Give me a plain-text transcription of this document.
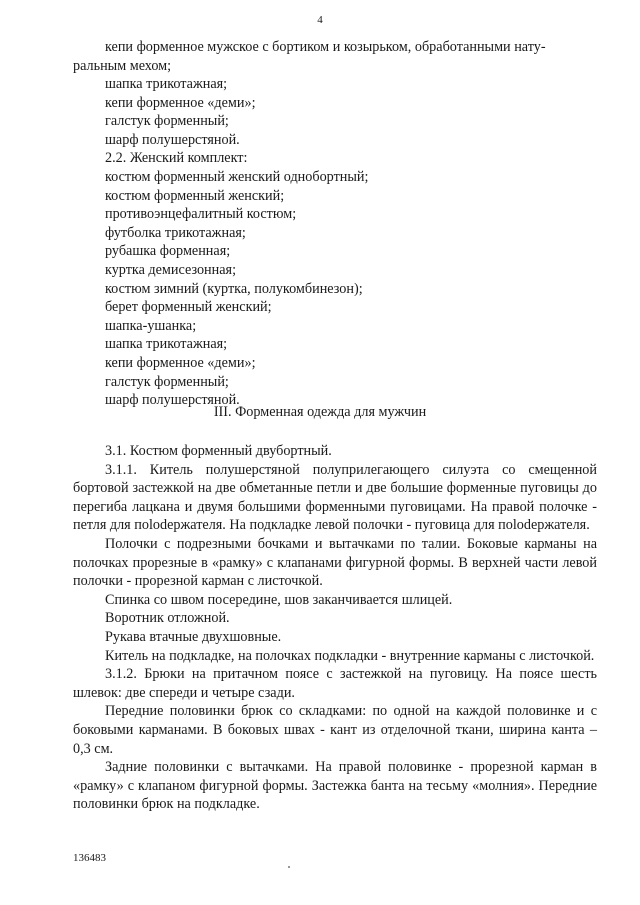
4

кепи форменное мужское с бортиком и козырьком, обработанными нату-

ральным мехом;

шапка трикотажная;

кепи форменное «деми»;

галстук форменный;

шарф полушерстяной.

2.2. Женский комплект:

костюм форменный женский однобортный;

костюм форменный женский;

противоэнцефалитный костюм;

футболка трикотажная;

рубашка форменная;

куртка демисезонная;

костюм зимний (куртка, полукомбинезон);

берет форменный женский;

шапка-ушанка;

шапка трикотажная;

кепи форменное «деми»;

галстук форменный;

шарф полушерстяной.

III. Форменная одежда для мужчин

3.1. Костюм форменный двубортный.

3.1.1. Китель полушерстяной полуприлегающего силуэта со смещенной бортовой застежкой на две обметанные петли и две большие форменные пуговицы до перегиба лацкана и двумя большими форменными пуговицами. На правой полочке - петля для пolodержателя. На подкладке левой полочки - пуговица для пolodержателя.

Полочки с подрезными бочками и вытачками по талии. Боковые карманы на полочках прорезные в «рамку» с клапанами фигурной формы. В верхней части левой полочки - прорезной карман с листочкой.

Спинка со швом посередине, шов заканчивается шлицей.

Воротник отложной.

Рукава втачные двухшовные.

Китель на подкладке, на полочках подкладки - внутренние карманы с листочкой.

3.1.2. Брюки на притачном поясе с застежкой на пуговицу. На поясе шесть шлевок: две спереди и четыре сзади.

Передние половинки брюк со складками: по одной на каждой половинке и с боковыми карманами. В боковых швах - кант из отделочной ткани, ширина канта – 0,3 см.

Задние половинки с вытачками. На правой половинке - прорезной карман в «рамку» с клапаном фигурной формы. Застежка банта на тесьму «молния». Передние половинки брюк на подкладке.

136483
